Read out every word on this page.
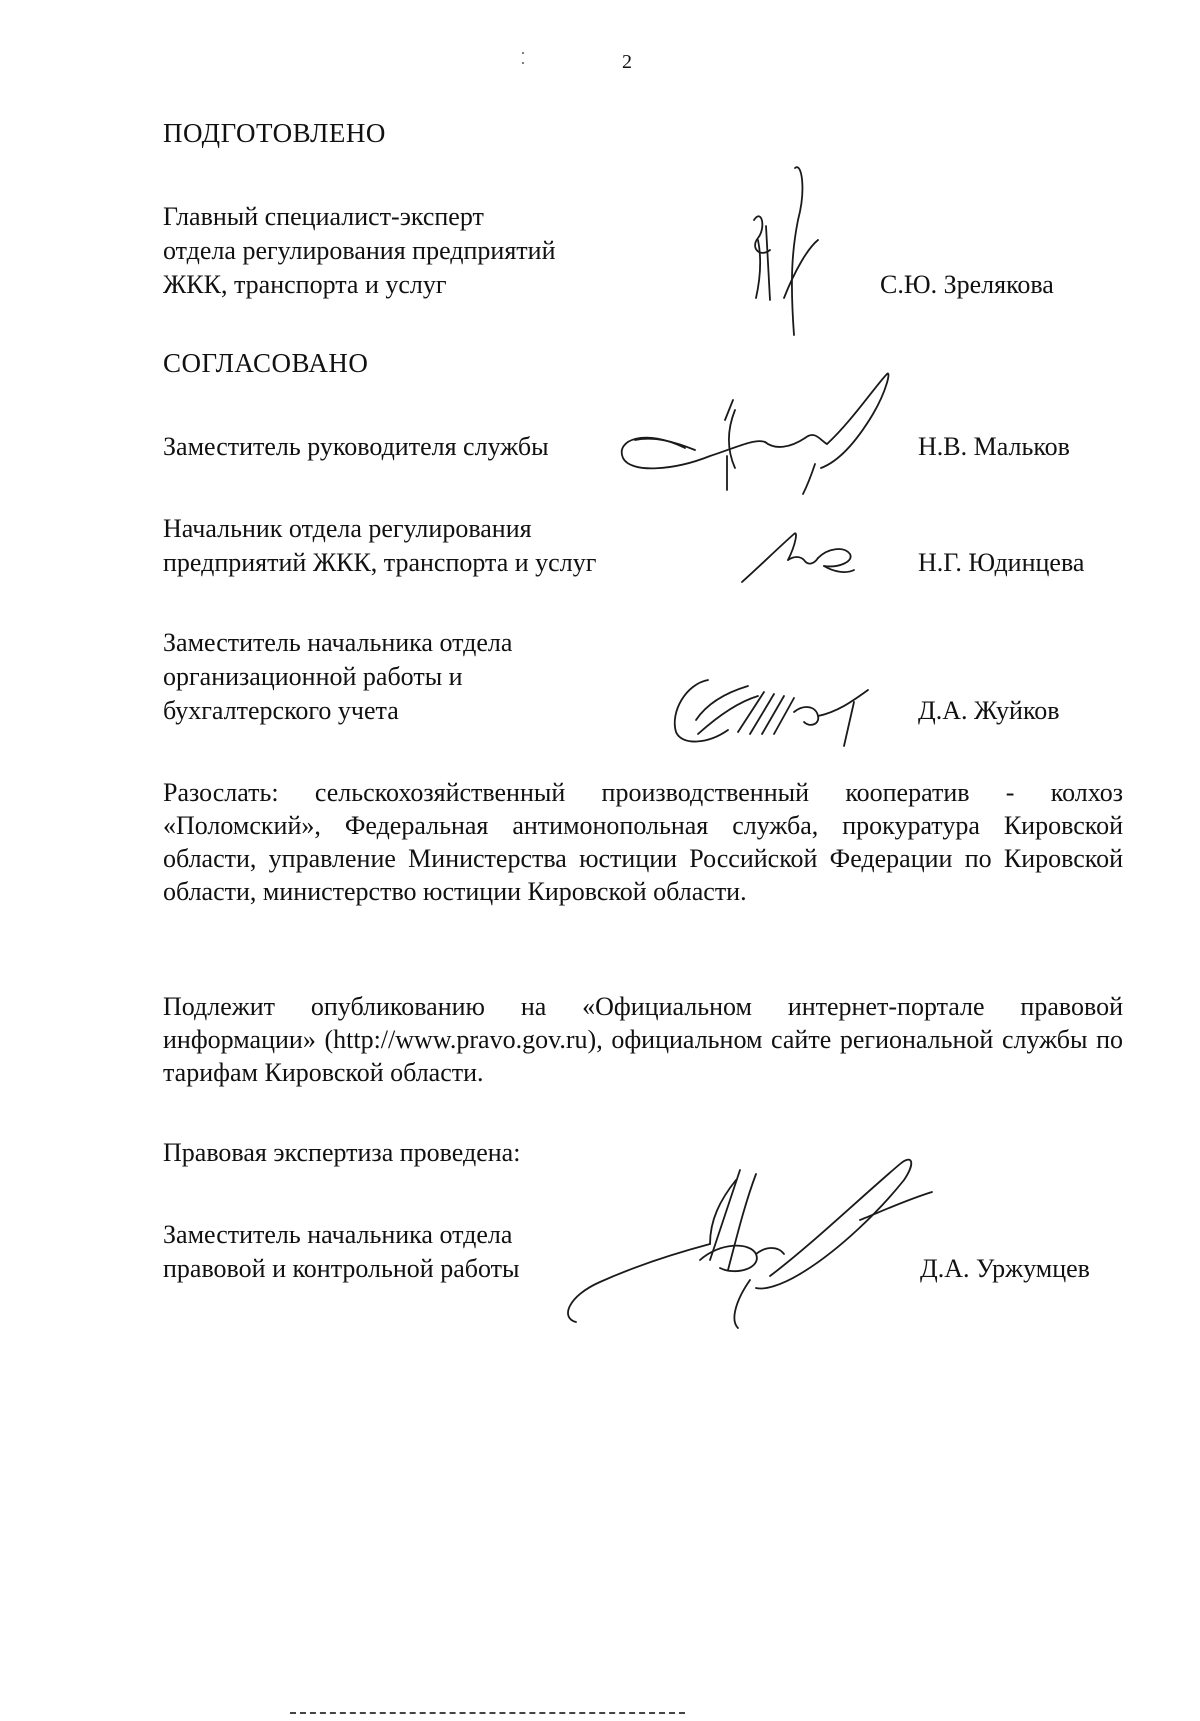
2
ПОДГОТОВЛЕНО
Главный специалист-эксперт
отдела регулирования предприятий
ЖКК, транспорта и услуг	С.Ю. Зрелякова
СОГЛАСОВАНО
Заместитель руководителя службы	Н.В. Мальков
Начальник отдела регулирования
предприятий ЖКК, транспорта и услуг	Н.Г. Юдинцева
Заместитель начальника отдела
организационной работы и
бухгалтерского учета	Д.А. Жуйков
Разослать: сельскохозяйственный производственный кооператив - колхоз «Поломский», Федеральная антимонопольная служба, прокуратура Кировской области, управление Министерства юстиции Российской Федерации по Кировской области, министерство юстиции Кировской области.
Подлежит опубликованию на «Официальном интернет-портале правовой информации» (http://www.pravo.gov.ru), официальном сайте региональной службы по тарифам Кировской области.
Правовая экспертиза проведена:
Заместитель начальника отдела
правовой и контрольной работы	Д.А. Уржумцев
